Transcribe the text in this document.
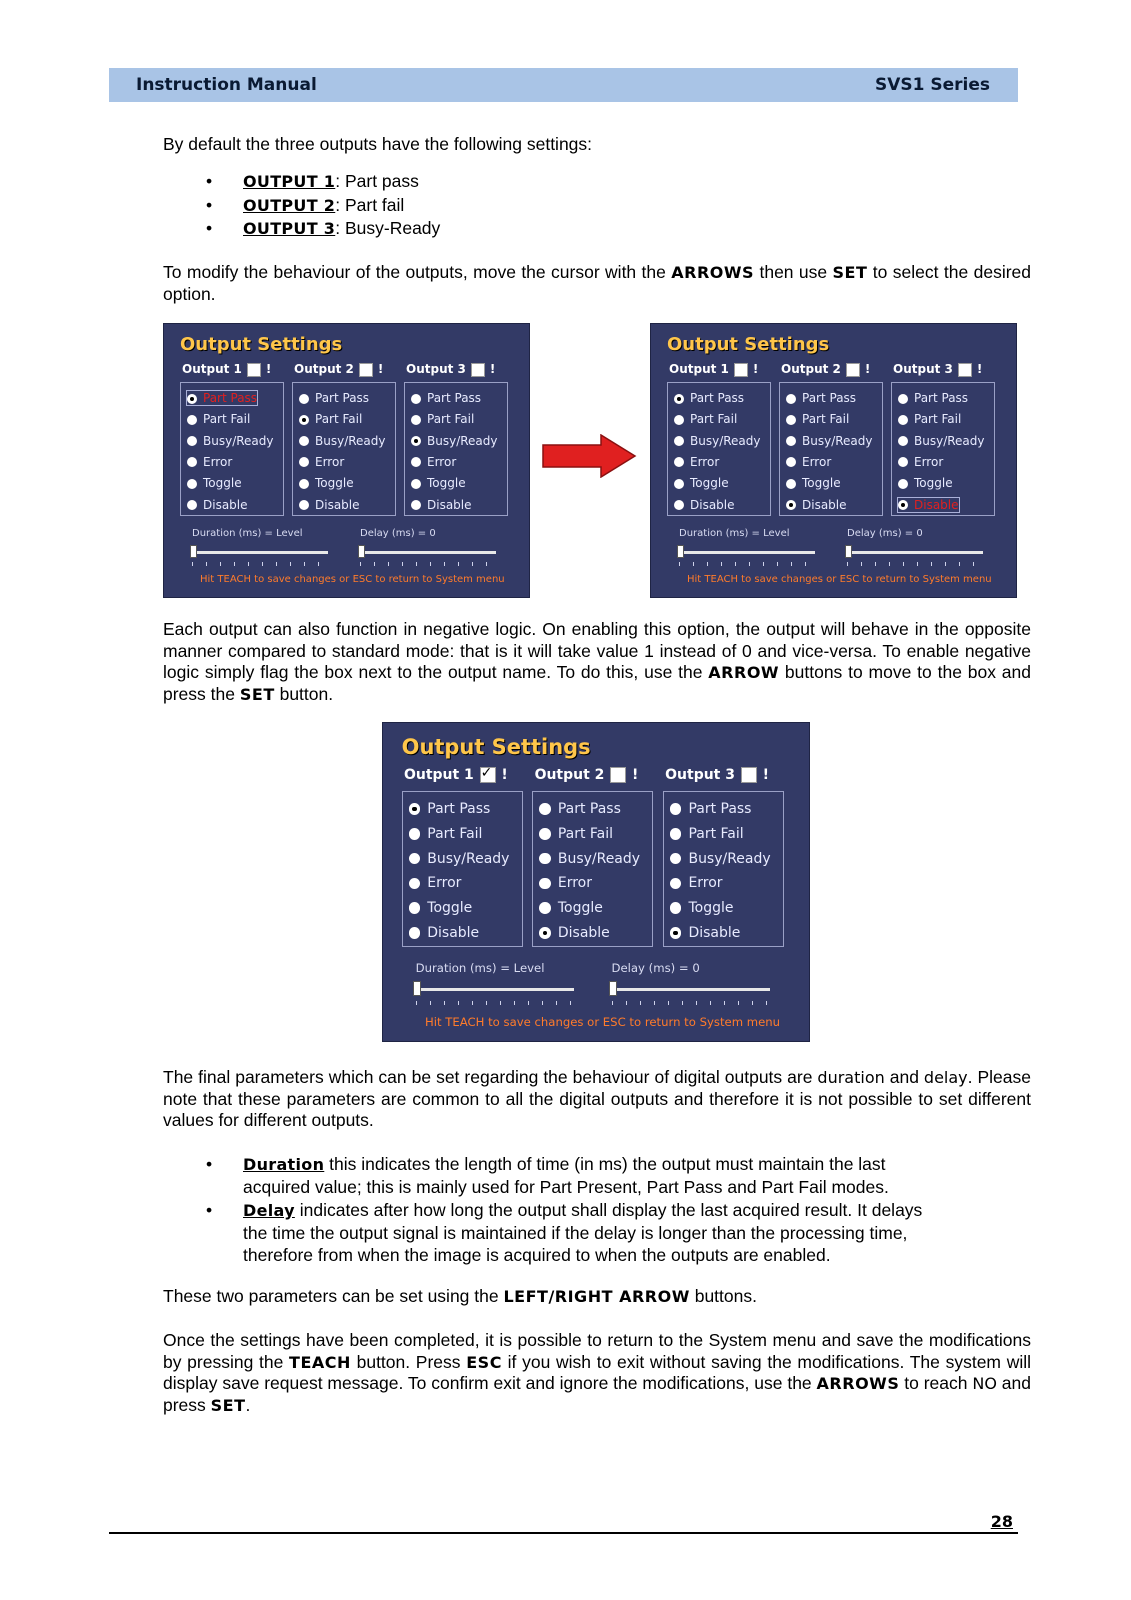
Instruction Manual	SVS1 Series

By default the three outputs have the following settings:

• OUTPUT 1: Part pass
• OUTPUT 2: Part fail
• OUTPUT 3: Busy-Ready

To modify the behaviour of the outputs, move the cursor with the ARROWS then use SET to select the desired option.

Output Settings
Output 1 !
Part Pass
Part Fail
Busy/Ready
Error
Toggle
Disable
Output 2 !
Part Pass
Part Fail
Busy/Ready
Error
Toggle
Disable
Output 3 !
Part Pass
Part Fail
Busy/Ready
Error
Toggle
Disable
Duration (ms) = Level	Delay (ms) = 0
Hit TEACH to save changes or ESC to return to System menu
Output Settings
Output 1 !
Part Pass
Part Fail
Busy/Ready
Error
Toggle
Disable
Output 2 !
Part Pass
Part Fail
Busy/Ready
Error
Toggle
Disable
Output 3 !
Part Pass
Part Fail
Busy/Ready
Error
Toggle
Disable
Duration (ms) = Level	Delay (ms) = 0
Hit TEACH to save changes or ESC to return to System menu

Each output can also function in negative logic. On enabling this option, the output will behave in the opposite manner compared to standard mode: that is it will take value 1 instead of 0 and vice-versa. To enable negative logic simply flag the box next to the output name. To do this, use the ARROW buttons to move to the box and press the SET button.

Output Settings
Output 1✓ !
Part Pass
Part Fail
Busy/Ready
Error
Toggle
Disable
Output 2 !
Part Pass
Part Fail
Busy/Ready
Error
Toggle
Disable
Output 3 !
Part Pass
Part Fail
Busy/Ready
Error
Toggle
Disable
Duration (ms) = Level	Delay (ms) = 0
Hit TEACH to save changes or ESC to return to System menu

The final parameters which can be set regarding the behaviour of digital outputs are duration and delay. Please note that these parameters are common to all the digital outputs and therefore it is not possible to set different values for different outputs.

• Duration this indicates the length of time (in ms) the output must maintain the last acquired value; this is mainly used for Part Present, Part Pass and Part Fail modes.
• Delay indicates after how long the output shall display the last acquired result. It delays the time the output signal is maintained if the delay is longer than the processing time, therefore from when the image is acquired to when the outputs are enabled.

These two parameters can be set using the LEFT/RIGHT ARROW buttons.

Once the settings have been completed, it is possible to return to the System menu and save the modifications by pressing the TEACH button. Press ESC if you wish to exit without saving the modifications. The system will display save request message. To confirm exit and ignore the modifications, use the ARROWS to reach NO and press SET.

28
